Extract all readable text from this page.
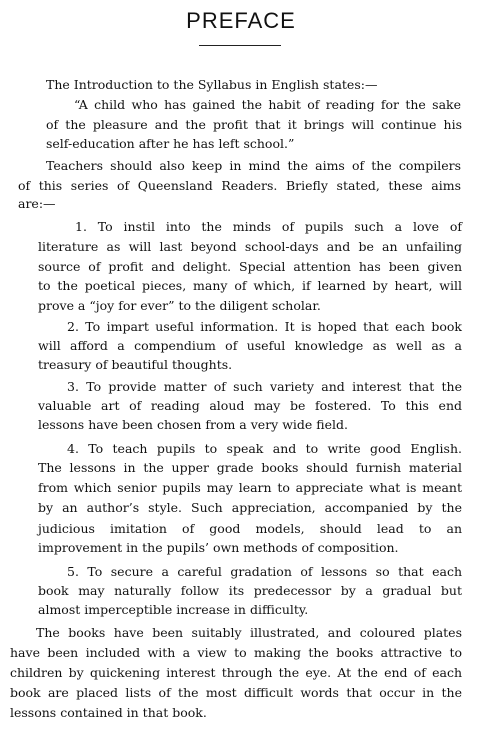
PREFACE
The Introduction to the Syllabus in English states:—
“A child who has gained the habit of reading for the sake
of the pleasure and the profit that it brings will continue his
self-education after he has left school.”
Teachers should also keep in mind the aims of the compilers
of this series of Queensland Readers. Briefly stated, these aims
are:—
1. To instil into the minds of pupils such a love of
literature as will last beyond school-days and be an unfailing
source of profit and delight. Special attention has been given
to the poetical pieces, many of which, if learned by heart, will
prove a “joy for ever” to the diligent scholar.
2. To impart useful information. It is hoped that each book
will afford a compendium of useful knowledge as well as a
treasury of beautiful thoughts.
3. To provide matter of such variety and interest that the
valuable art of reading aloud may be fostered. To this end
lessons have been chosen from a very wide field.
4. To teach pupils to speak and to write good English.
The lessons in the upper grade books should furnish material
from which senior pupils may learn to appreciate what is meant
by an author’s style. Such appreciation, accompanied by the
judicious imitation of good models, should lead to an
improvement in the pupils’ own methods of composition.
5. To secure a careful gradation of lessons so that each
book may naturally follow its predecessor by a gradual but
almost imperceptible increase in difficulty.
The books have been suitably illustrated, and coloured plates
have been included with a view to making the books attractive to
children by quickening interest through the eye. At the end of each
book are placed lists of the most difficult words that occur in the
lessons contained in that book.
